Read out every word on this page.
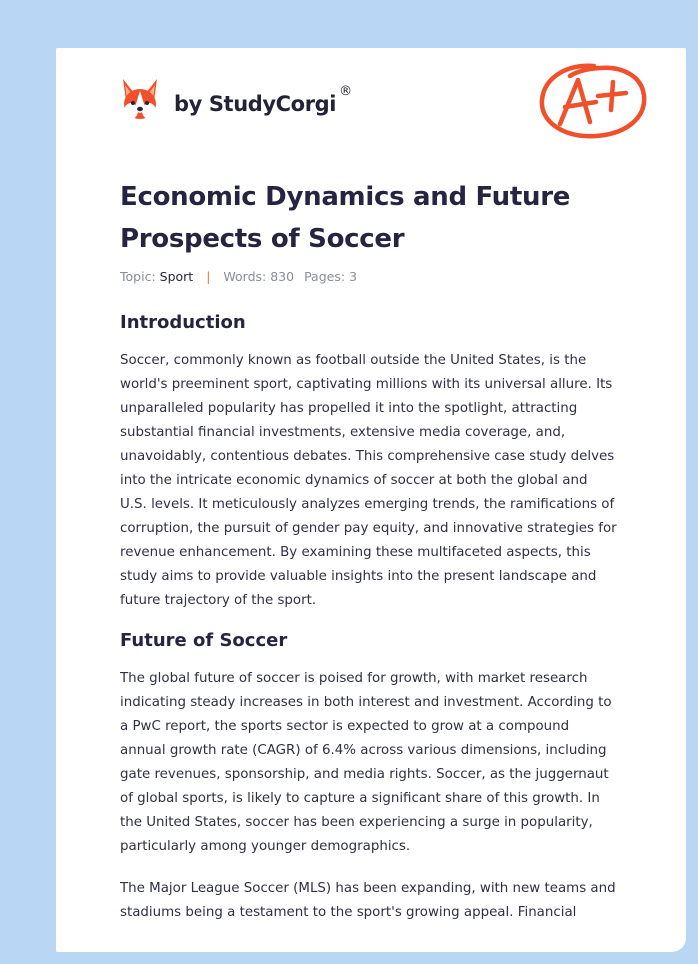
by StudyCorgi®
Economic Dynamics and Future
Prospects of Soccer
Topic: Sport | Words: 830 Pages: 3
Introduction

Soccer, commonly known as football outside the United States, is the
world's preeminent sport, captivating millions with its universal allure. Its
unparalleled popularity has propelled it into the spotlight, attracting
substantial financial investments, extensive media coverage, and,
unavoidably, contentious debates. This comprehensive case study delves
into the intricate economic dynamics of soccer at both the global and
U.S. levels. It meticulously analyzes emerging trends, the ramifications of
corruption, the pursuit of gender pay equity, and innovative strategies for
revenue enhancement. By examining these multifaceted aspects, this
study aims to provide valuable insights into the present landscape and
future trajectory of the sport.

Future of Soccer

The global future of soccer is poised for growth, with market research
indicating steady increases in both interest and investment. According to
a PwC report, the sports sector is expected to grow at a compound
annual growth rate (CAGR) of 6.4% across various dimensions, including
gate revenues, sponsorship, and media rights. Soccer, as the juggernaut
of global sports, is likely to capture a significant share of this growth. In
the United States, soccer has been experiencing a surge in popularity,
particularly among younger demographics.

The Major League Soccer (MLS) has been expanding, with new teams and
stadiums being a testament to the sport's growing appeal. Financial
